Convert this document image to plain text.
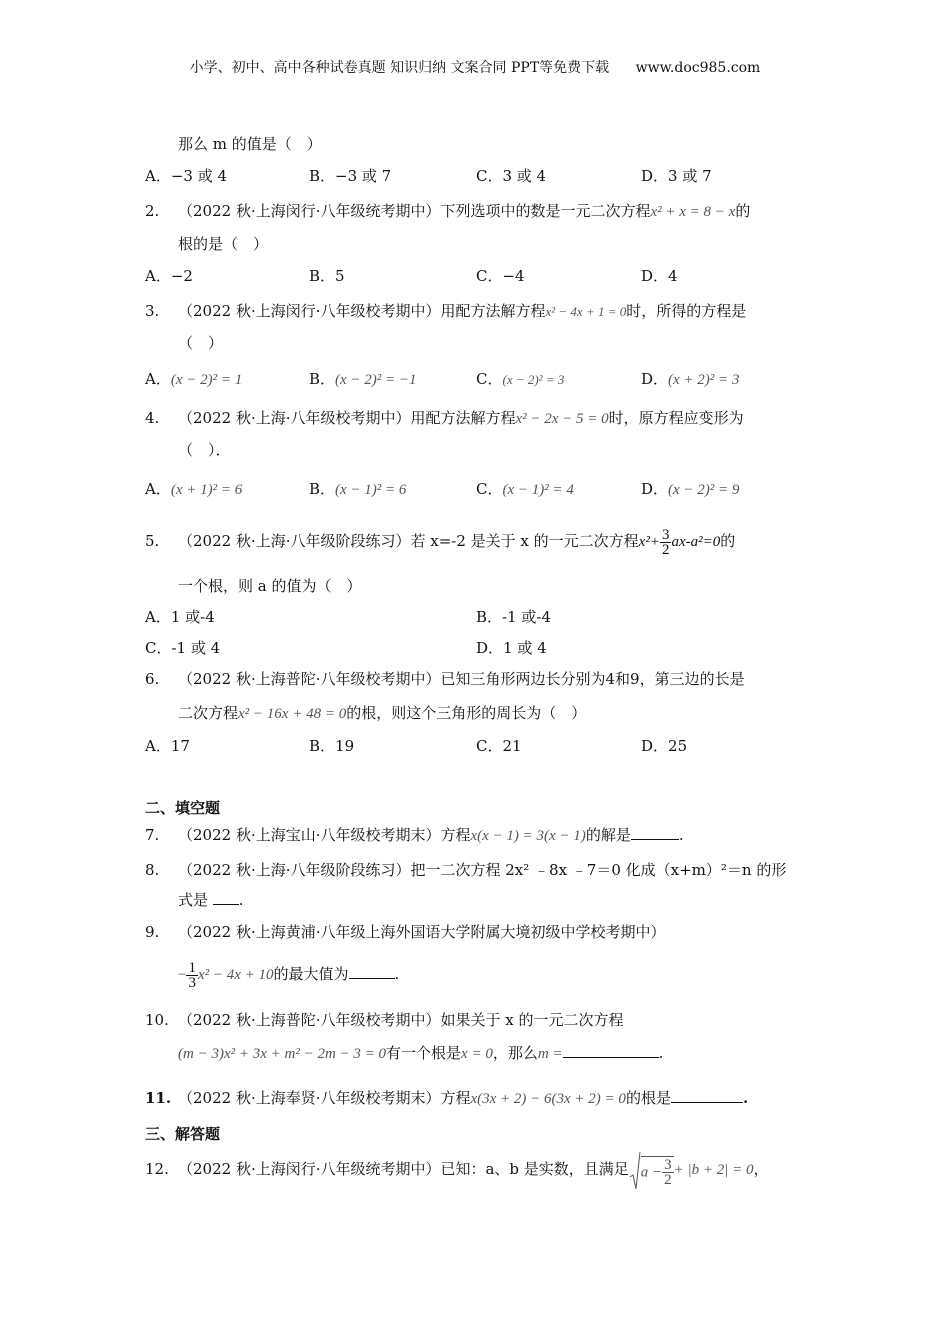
小学、初中、高中各种试卷真题 知识归纳 文案合同 PPT等免费下载 www.doc985.com
那么 m 的值是（　）
A．−3 或 4	B．−3 或 7	C．3 或 4	D．3 或 7
2. （2022 秋·上海闵行·八年级统考期中）下列选项中的数是一元二次方程x² + x = 8 − x的
根的是（　）
A．−2	B．5	C．−4	D．4
3. （2022 秋·上海闵行·八年级校考期中）用配方法解方程x² − 4x + 1 = 0时，所得的方程是
（　）
A．(x − 2)² = 1	B．(x − 2)² = −1	C．(x − 2)² = 3	D．(x + 2)² = 3
4. （2022 秋·上海·八年级校考期中）用配方法解方程x² − 2x − 5 = 0时，原方程应变形为
（　）．
A．(x + 1)² = 6	B．(x − 1)² = 6	C．(x − 1)² = 4	D．(x − 2)² = 9
5. （2022 秋·上海·八年级阶段练习）若 x=-2 是关于 x 的一元二次方程$x^2+ \frac{3}{2} ax-a^2=0$的
一个根，则 a 的值为（　）
A．1 或-4	B．-1 或-4
C．-1 或 4	D．1 或 4
6. （2022 秋·上海普陀·八年级校考期中）已知三角形两边长分别为4和9，第三边的长是
二次方程x² − 16x + 48 = 0的根，则这个三角形的周长为（　）
A．17	B．19	C．21	D．25
二、填空题
7. （2022 秋·上海宝山·八年级校考期末）方程x(x − 1) = 3(x − 1)的解是	.
8. （2022 秋·上海·八年级阶段练习）把一二次方程 2x² ﹣8x ﹣7＝0 化成（x+m）²＝n 的形
式是 .
9. （2022 秋·上海黄浦·八年级上海外国语大学附属大境初级中学校考期中）
− $\frac{1}{3} x^2 - 4x + 10$的最大值为	.
10. （2022 秋·上海普陀·八年级校考期中）如果关于 x 的一元二次方程
(m − 3)x² + 3x + m² − 2m − 3 = 0有一个根是x = 0，那么m =	.
11. （2022 秋·上海奉贤·八年级校考期末）方程x(3x + 2) − 6(3x + 2) = 0的根是	.
三、解答题
12. （2022 秋·上海闵行·八年级统考期中）已知：a、b 是实数，且满足 $a - \frac{3}{2} + |b + 2| = 0$，
